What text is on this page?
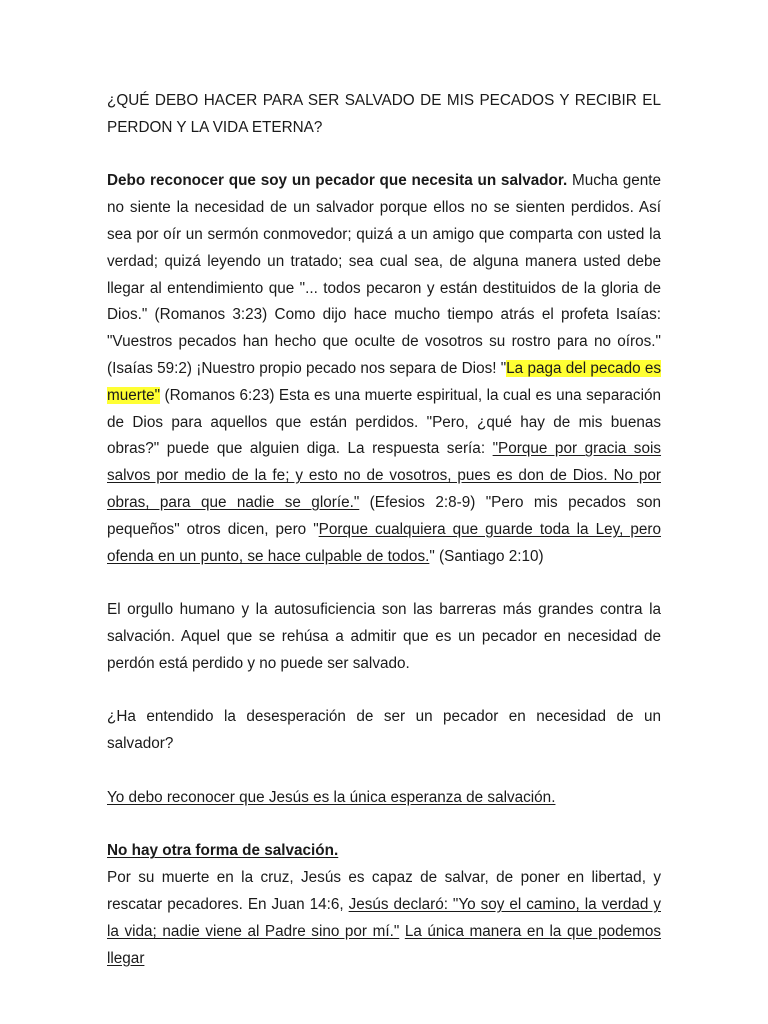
¿QUÉ DEBO HACER PARA SER SALVADO DE MIS PECADOS Y RECIBIR EL PERDON Y LA VIDA ETERNA?

Debo reconocer que soy un pecador que necesita un salvador. Mucha gente no siente la necesidad de un salvador porque ellos no se sienten perdidos. Así sea por oír un sermón conmovedor; quizá a un amigo que comparta con usted la verdad; quizá leyendo un tratado; sea cual sea, de alguna manera usted debe llegar al entendimiento que "... todos pecaron y están destituidos de la gloria de Dios." (Romanos 3:23) Como dijo hace mucho tiempo atrás el profeta Isaías: "Vuestros pecados han hecho que oculte de vosotros su rostro para no oíros." (Isaías 59:2) ¡Nuestro propio pecado nos separa de Dios! "La paga del pecado es muerte" (Romanos 6:23) Esta es una muerte espiritual, la cual es una separación de Dios para aquellos que están perdidos. "Pero, ¿qué hay de mis buenas obras?" puede que alguien diga. La respuesta sería: "Porque por gracia sois salvos por medio de la fe; y esto no de vosotros, pues es don de Dios. No por obras, para que nadie se gloríe." (Efesios 2:8-9) "Pero mis pecados son pequeños" otros dicen, pero "Porque cualquiera que guarde toda la Ley, pero ofenda en un punto, se hace culpable de todos." (Santiago 2:10)

El orgullo humano y la autosuficiencia son las barreras más grandes contra la salvación. Aquel que se rehúsa a admitir que es un pecador en necesidad de perdón está perdido y no puede ser salvado.

¿Ha entendido la desesperación de ser un pecador en necesidad de un salvador?

Yo debo reconocer que Jesús es la única esperanza de salvación.

No hay otra forma de salvación.

Por su muerte en la cruz, Jesús es capaz de salvar, de poner en libertad, y rescatar pecadores. En Juan 14:6, Jesús declaró: "Yo soy el camino, la verdad y la vida; nadie viene al Padre sino por mí." La única manera en la que podemos llegar
